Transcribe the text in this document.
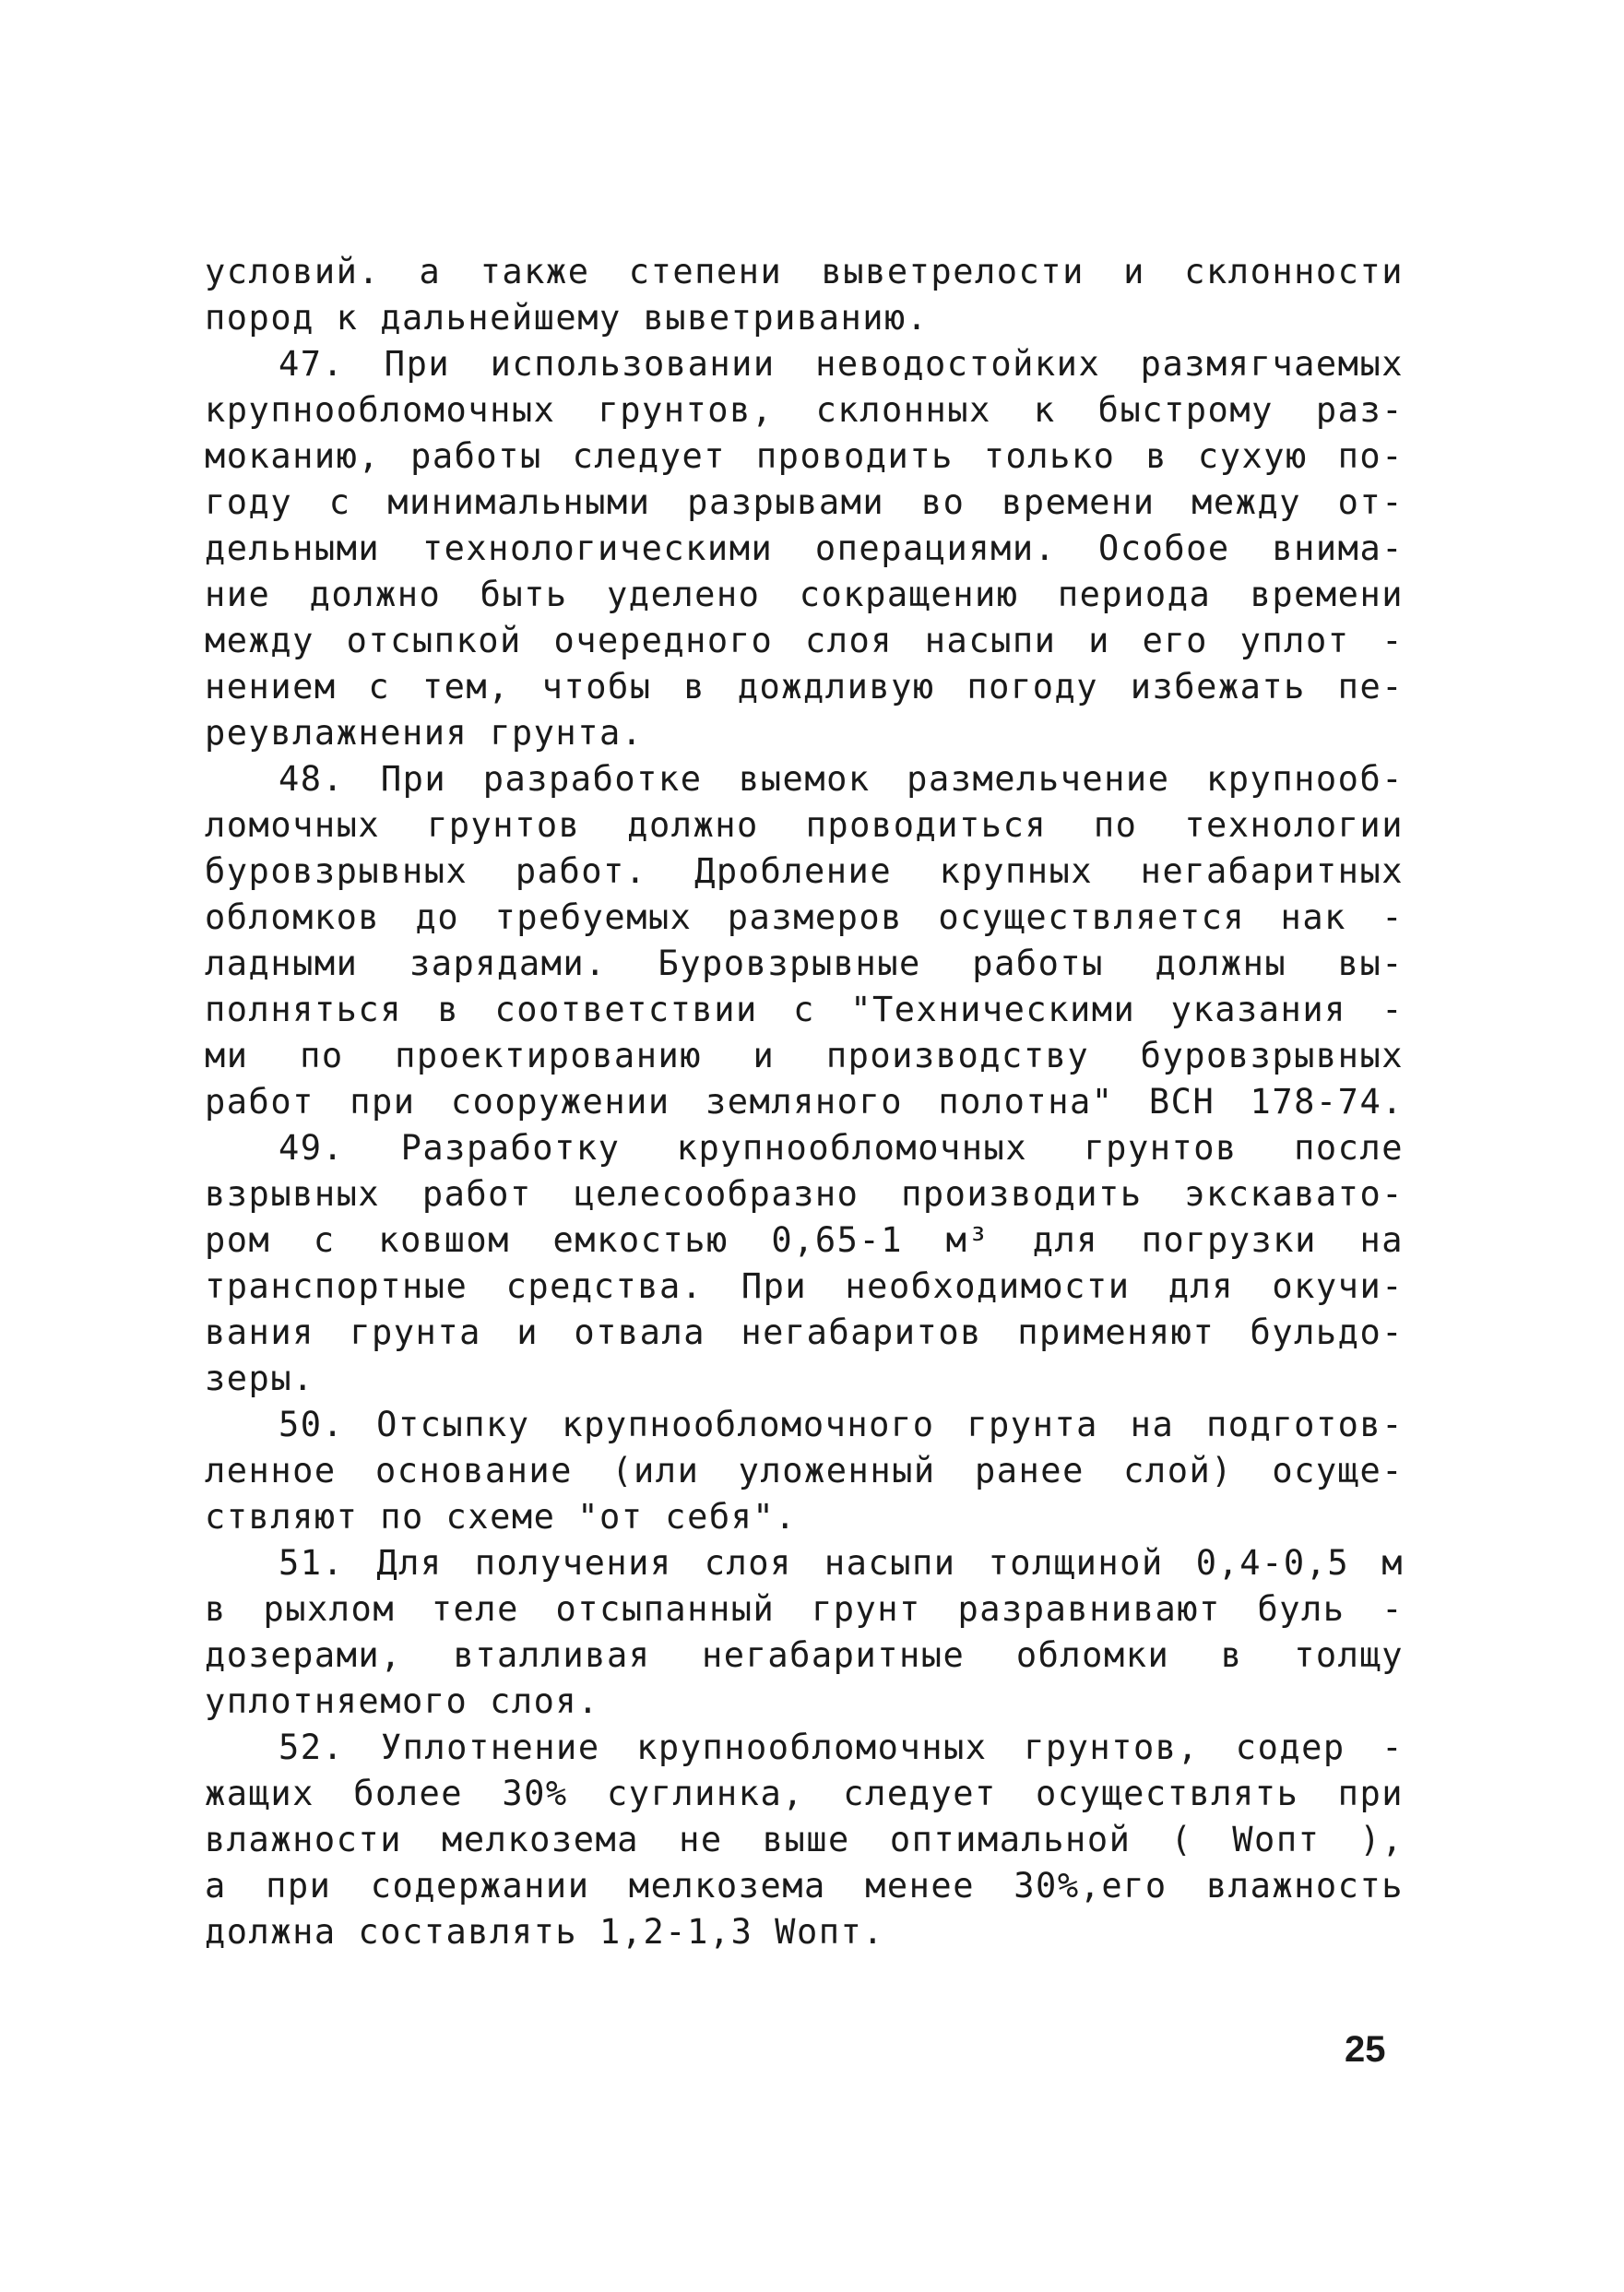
условий. а также степени выветрелости и склонности
пород к дальнейшему выветриванию.
47. При использовании неводостойких размягчаемых
крупнообломочных грунтов, склонных к быстрому раз-
моканию, работы следует проводить только в сухую по-
году с минимальными разрывами во времени между от-
дельными технологическими операциями. Особое внима-
ние должно быть уделено сокращению периода времени
между отсыпкой очередного слоя насыпи и его уплот -
нением с тем, чтобы в дождливую погоду избежать пе-
реувлажнения грунта.
48. При разработке выемок размельчение крупнооб-
ломочных грунтов должно проводиться по технологии
буровзрывных работ. Дробление крупных негабаритных
обломков до требуемых размеров осуществляется нак -
ладными зарядами. Буровзрывные работы должны вы-
полняться в соответствии с "Техническими указания -
ми по проектированию и производству буровзрывных
работ при сооружении земляного полотна" ВСН 178-74.
49. Разработку крупнообломочных грунтов после
взрывных работ целесообразно производить экскавато-
ром с ковшом емкостью 0,65-1 м³ для погрузки на
транспортные средства. При необходимости для окучи-
вания грунта и отвала негабаритов применяют бульдо-
зеры.
50. Отсыпку крупнообломочного грунта на подготов-
ленное основание (или уложенный ранее слой) осуще-
ствляют по схеме "от себя".
51. Для получения слоя насыпи толщиной 0,4-0,5 м
в рыхлом теле отсыпанный грунт разравнивают буль -
дозерами, вталливая негабаритные обломки в толщу
уплотняемого слоя.
52. Уплотнение крупнообломочных грунтов, содер -
жащих более 30% суглинка, следует осуществлять при
влажности мелкозема не выше оптимальной ( Wопт ),
а при содержании мелкозема менее 30%,его влажность
должна составлять 1,2-1,3 Wопт.
25
